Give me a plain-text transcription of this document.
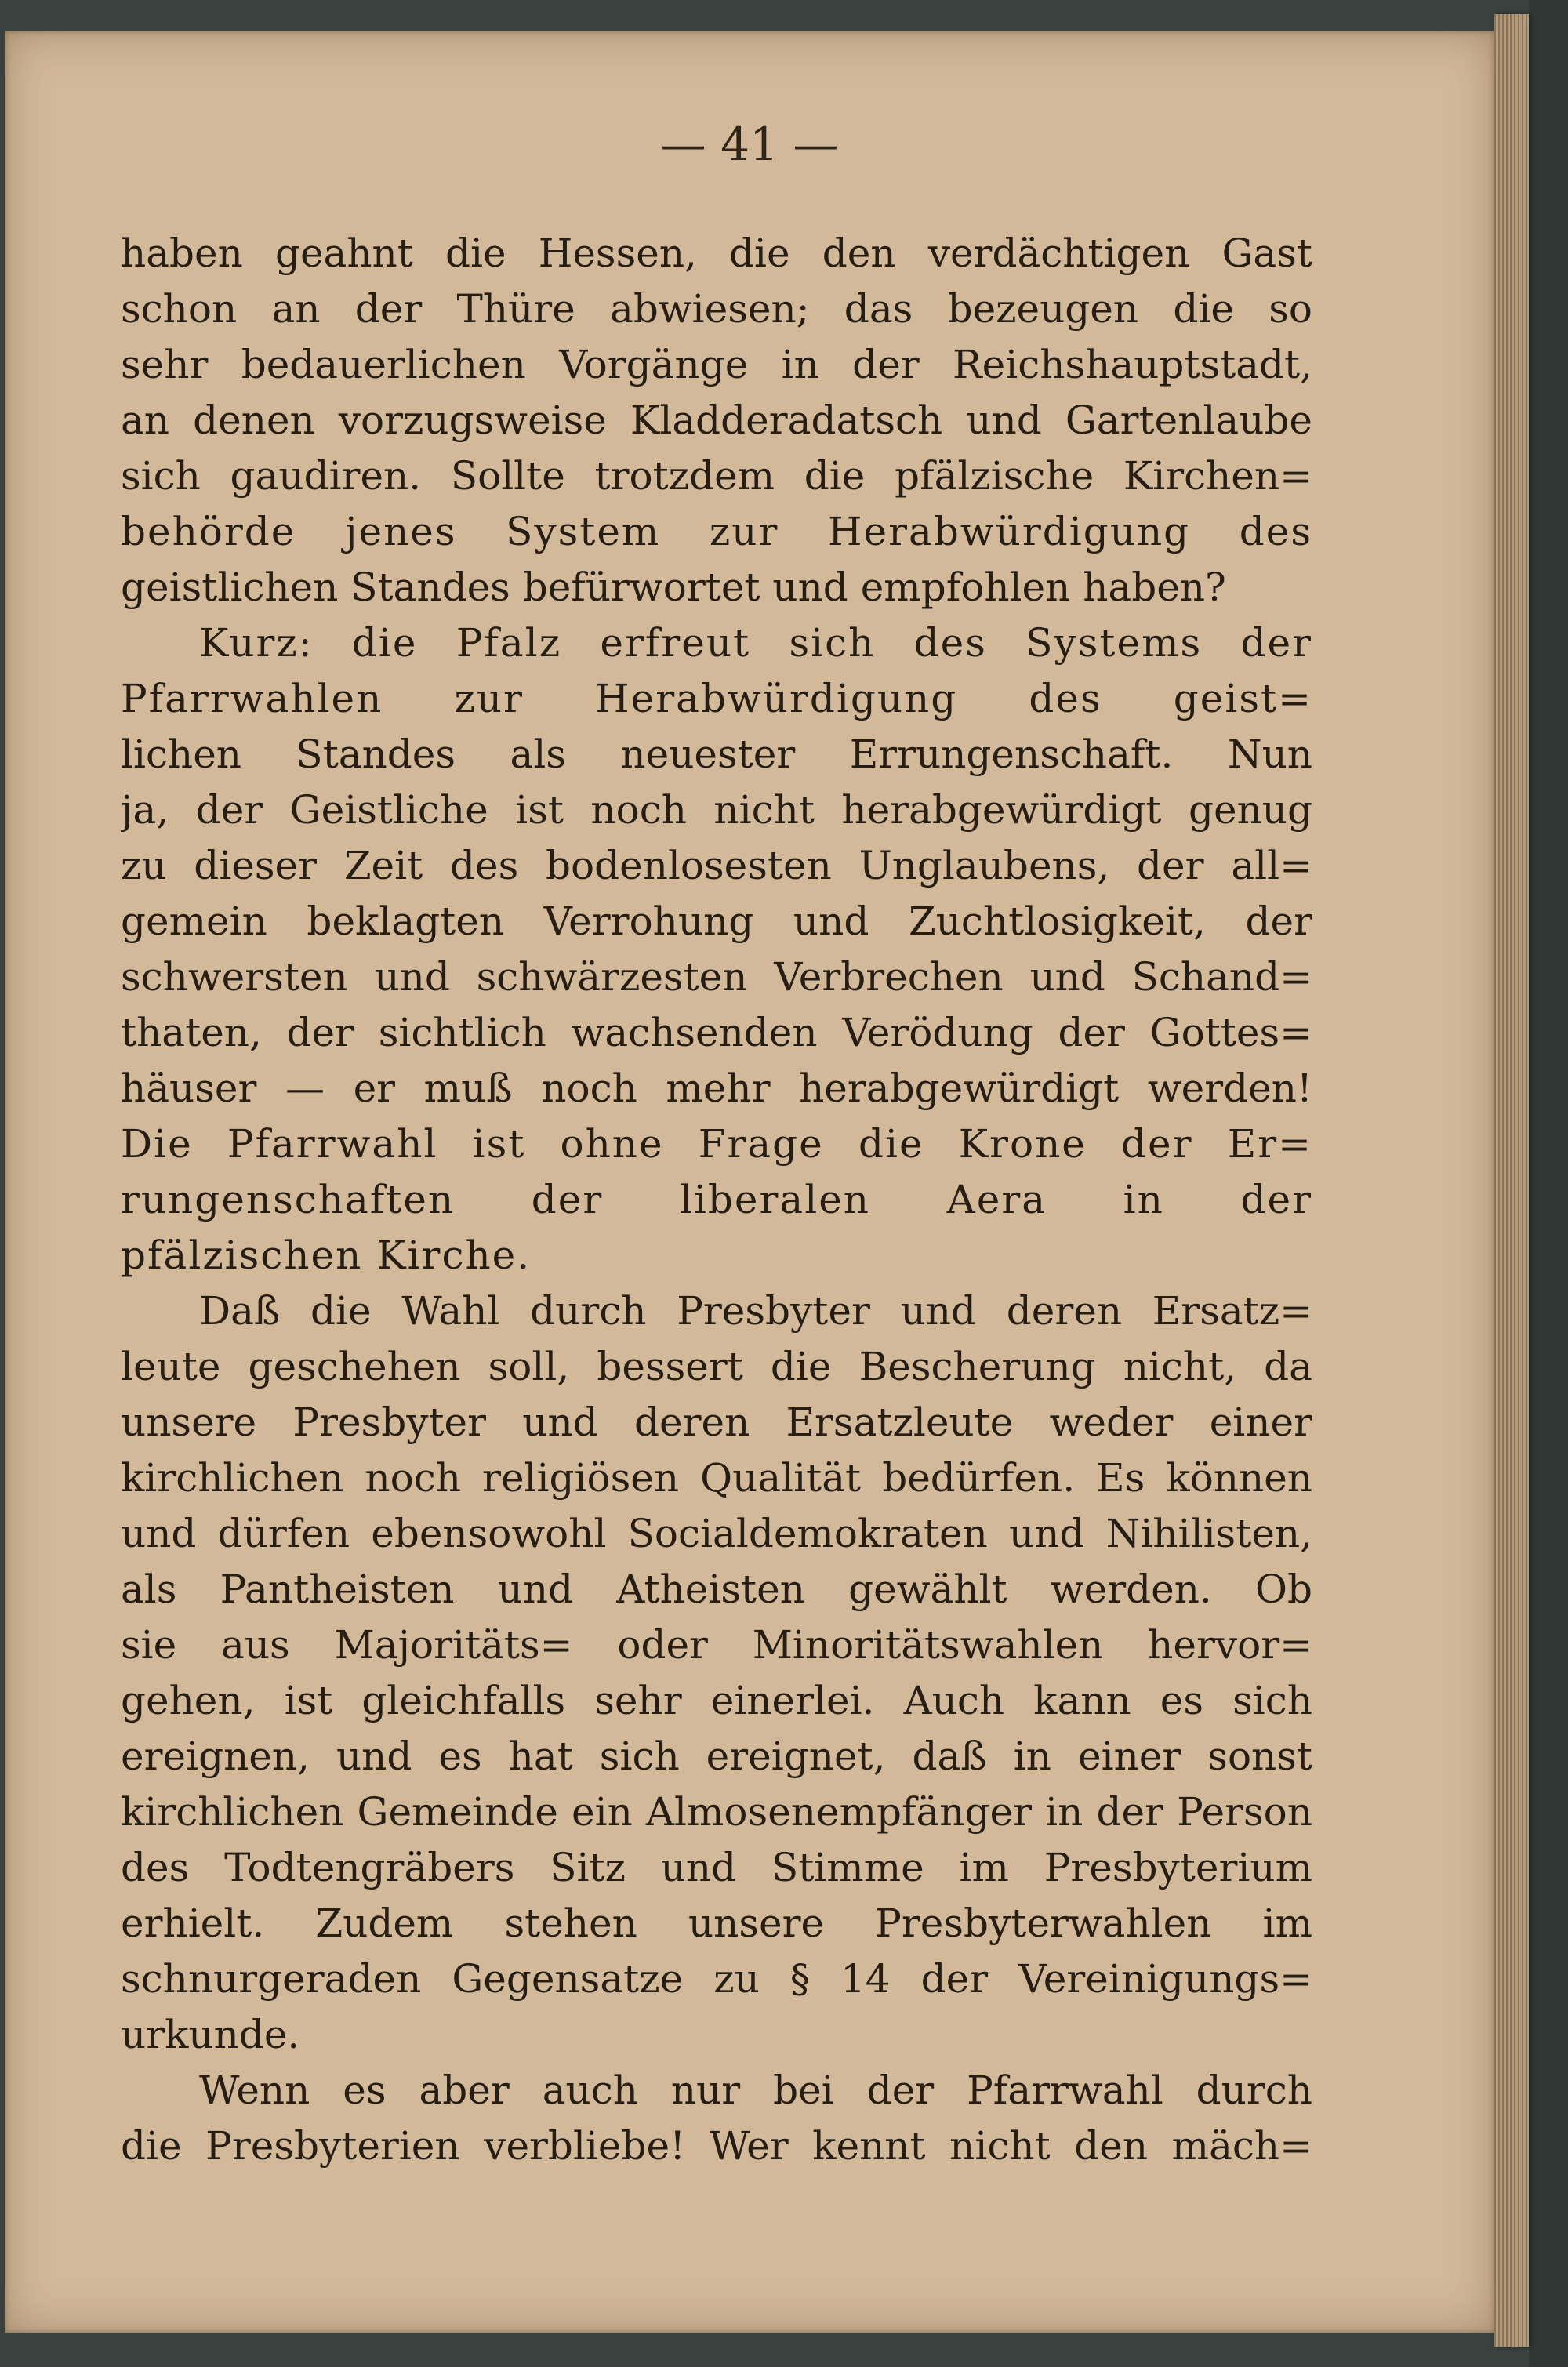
— 41 —
haben geahnt die Hessen, die den verdächtigen Gast
schon an der Thüre abwiesen; das bezeugen die so
sehr bedauerlichen Vorgänge in der Reichshauptstadt,
an denen vorzugsweise Kladderadatsch und Gartenlaube
sich gaudiren. Sollte trotzdem die pfälzische Kirchen=
behörde jenes System zur Herabwürdigung des
geistlichen Standes befürwortet und empfohlen haben?
Kurz: die Pfalz erfreut sich des Systems der
Pfarrwahlen zur Herabwürdigung des geist=
lichen Standes als neuester Errungenschaft. Nun
ja, der Geistliche ist noch nicht herabgewürdigt genug
zu dieser Zeit des bodenlosesten Unglaubens, der all=
gemein beklagten Verrohung und Zuchtlosigkeit, der
schwersten und schwärzesten Verbrechen und Schand=
thaten, der sichtlich wachsenden Verödung der Gottes=
häuser — er muß noch mehr herabgewürdigt werden!
Die Pfarrwahl ist ohne Frage die Krone der Er=
rungenschaften der liberalen Aera in der
pfälzischen Kirche.
Daß die Wahl durch Presbyter und deren Ersatz=
leute geschehen soll, bessert die Bescherung nicht, da
unsere Presbyter und deren Ersatzleute weder einer
kirchlichen noch religiösen Qualität bedürfen. Es können
und dürfen ebensowohl Socialdemokraten und Nihilisten,
als Pantheisten und Atheisten gewählt werden. Ob
sie aus Majoritäts= oder Minoritätswahlen hervor=
gehen, ist gleichfalls sehr einerlei. Auch kann es sich
ereignen, und es hat sich ereignet, daß in einer sonst
kirchlichen Gemeinde ein Almosenempfänger in der Person
des Todtengräbers Sitz und Stimme im Presbyterium
erhielt. Zudem stehen unsere Presbyterwahlen im
schnurgeraden Gegensatze zu § 14 der Vereinigungs=
urkunde.
Wenn es aber auch nur bei der Pfarrwahl durch
die Presbyterien verbliebe! Wer kennt nicht den mäch=
